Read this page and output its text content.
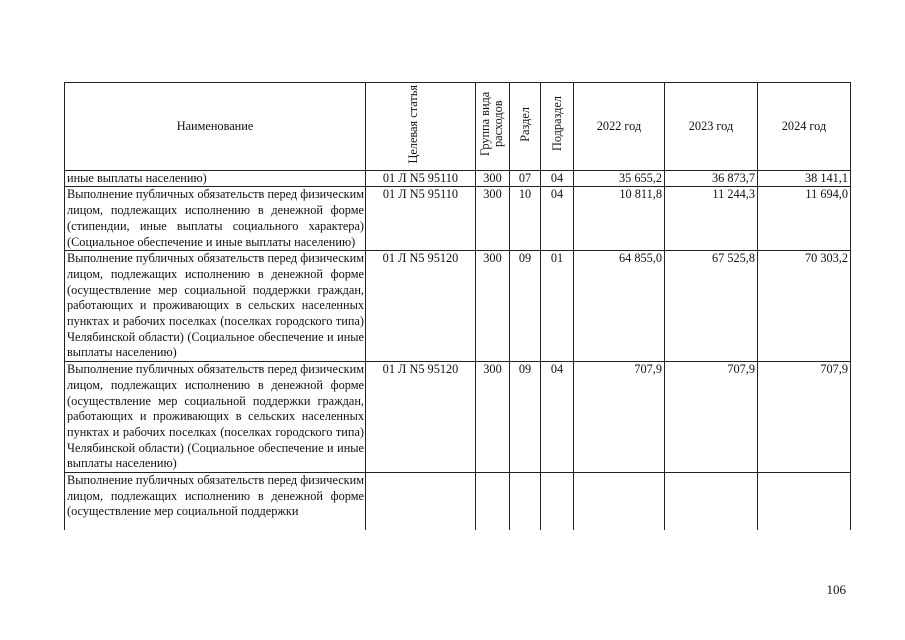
Наименование	Целевая статья	Группа вида расходов	Раздел	Подраздел	2022 год	2023 год	2024 год
иные выплаты населению)	01 Л N5 95110	300	07	04	35 655,2	36 873,7	38 141,1
Выполнение публичных обязательств перед физическим лицом, подлежащих исполнению в денежной форме (стипендии, иные выплаты социального характера) (Социальное обеспечение и иные выплаты населению)	01 Л N5 95110	300	10	04	10 811,8	11 244,3	11 694,0
Выполнение публичных обязательств перед физическим лицом, подлежащих исполнению в денежной форме (осуществление мер социальной поддержки граждан, работающих и проживающих в сельских населенных пунктах и рабочих поселках (поселках городского типа) Челябинской области) (Социальное обеспечение и иные выплаты населению)	01 Л N5 95120	300	09	01	64 855,0	67 525,8	70 303,2
Выполнение публичных обязательств перед физическим лицом, подлежащих исполнению в денежной форме (осуществление мер социальной поддержки граждан, работающих и проживающих в сельских населенных пунктах и рабочих поселках (поселках городского типа) Челябинской области) (Социальное обеспечение и иные выплаты населению)	01 Л N5 95120	300	09	04	707,9	707,9	707,9
Выполнение публичных обязательств перед физическим лицом, подлежащих исполнению в денежной форме (осуществление мер социальной поддержки							
106
